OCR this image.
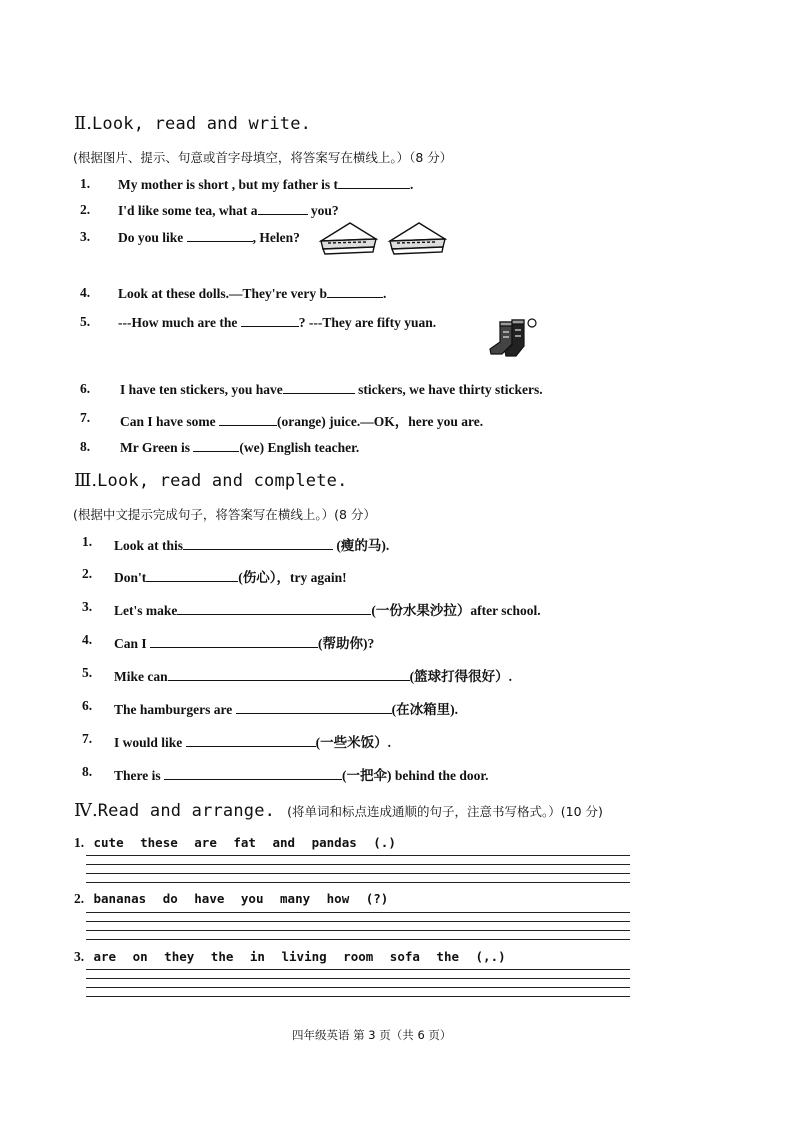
Ⅱ.Look, read and write.
(根据图片、提示、句意或首字母填空，将答案写在横线上。）（8 分）
1.	My mother is short , but my father is t	.
2.	I'd like some tea, what a	you?
3.	Do you like	, Helen?
4.	Look at these dolls.—They're very b	.
5.	---How much are the	? ---They are fifty yuan.
6.	I have ten stickers, you have	stickers, we have thirty stickers.
7.	Can I have some	(orange) juice.—OK，here you are.
8.	Mr Green is	(we) English teacher.
Ⅲ.Look, read and complete.
(根据中文提示完成句子，将答案写在横线上。）(8 分）
1.	Look at this	(瘦的马).
2.	Don't	(伤心），try again!
3.	Let's make	(一份水果沙拉）after school.
4.	Can I	(帮助你)?
5.	Mike can	(篮球打得很好）.
6.	The hamburgers are	(在冰箱里).
7.	I would like	(一些米饭）.
8.	There is	(一把伞) behind the door.
Ⅳ.Read and arrange. (将单词和标点连成通顺的句子，注意书写格式。）(10 分)
1. cute these are fat and pandas (.)
2. bananas do have you many how (?)
3. are on they the in living room sofa the (,.)
四年级英语 第 3 页（共 6 页）
